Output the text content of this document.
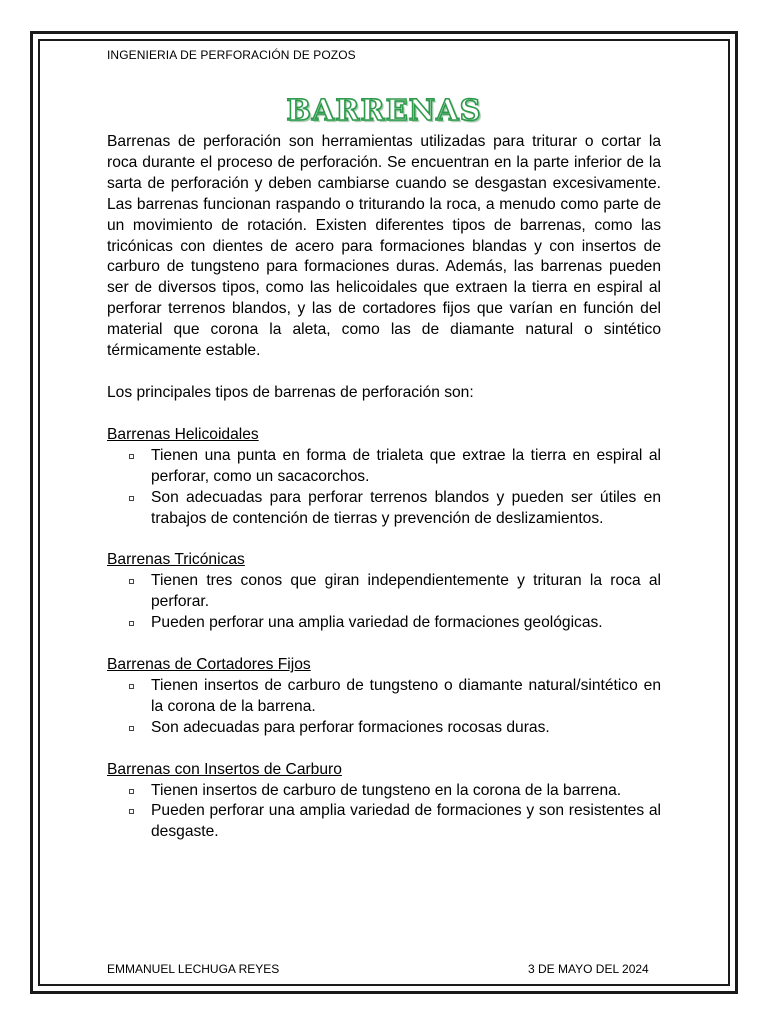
INGENIERIA DE PERFORACIÓN DE POZOS
BARRENAS

Barrenas de perforación son herramientas utilizadas para triturar o cortar la roca durante el proceso de perforación. Se encuentran en la parte inferior de la sarta de perforación y deben cambiarse cuando se desgastan excesivamente. Las barrenas funcionan raspando o triturando la roca, a menudo como parte de un movimiento de rotación. Existen diferentes tipos de barrenas, como las tricónicas con dientes de acero para formaciones blandas y con insertos de carburo de tungsteno para formaciones duras. Además, las barrenas pueden ser de diversos tipos, como las helicoidales que extraen la tierra en espiral al perforar terrenos blandos, y las de cortadores fijos que varían en función del material que corona la aleta, como las de diamante natural o sintético térmicamente estable.

Los principales tipos de barrenas de perforación son:

Barrenas Helicoidales
Tienen una punta en forma de trialeta que extrae la tierra en espiral al perforar, como un sacacorchos.
Son adecuadas para perforar terrenos blandos y pueden ser útiles en trabajos de contención de tierras y prevención de deslizamientos.
Barrenas Tricónicas
Tienen tres conos que giran independientemente y trituran la roca al perforar.
Pueden perforar una amplia variedad de formaciones geológicas.
Barrenas de Cortadores Fijos
Tienen insertos de carburo de tungsteno o diamante natural/sintético en la corona de la barrena.
Son adecuadas para perforar formaciones rocosas duras.
Barrenas con Insertos de Carburo
Tienen insertos de carburo de tungsteno en la corona de la barrena.
Pueden perforar una amplia variedad de formaciones y son resistentes al desgaste.
EMMANUEL LECHUGA REYES	3 DE MAYO DEL 2024
